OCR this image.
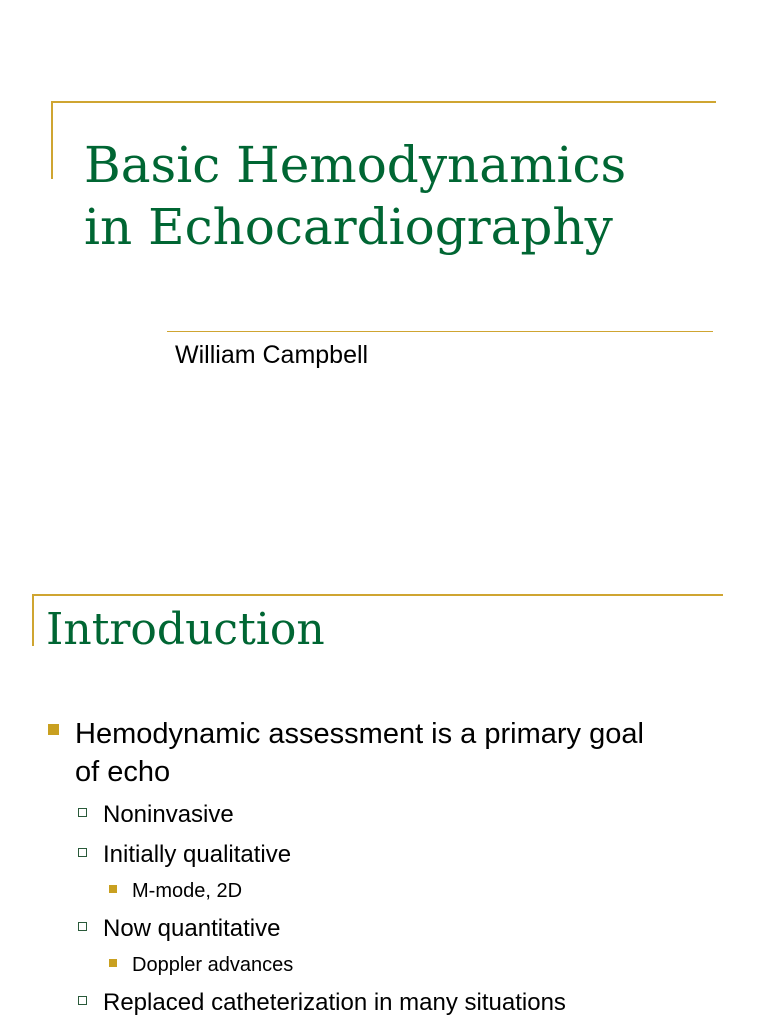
Basic Hemodynamics
in Echocardiography
William Campbell
Introduction
Hemodynamic assessment is a primary goal
of echo
Noninvasive
Initially qualitative
M-mode, 2D
Now quantitative
Doppler advances
Replaced catheterization in many situations
